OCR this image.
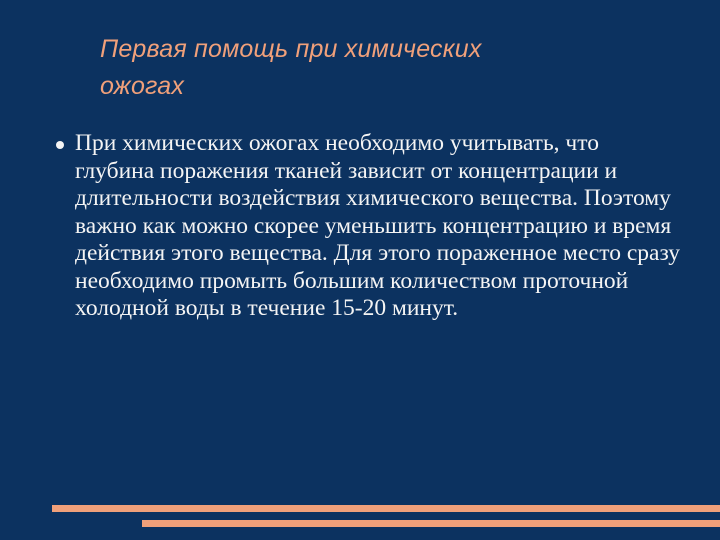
Первая помощь при химических
ожогах
При химических ожогах необходимо учитывать, что глубина поражения тканей зависит от концентрации и длительности воздействия химического вещества. Поэтому важно как можно скорее уменьшить концентрацию и время действия этого вещества. Для этого пораженное место сразу необходимо промыть большим количеством проточной холодной воды в течение 15-20 минут.
